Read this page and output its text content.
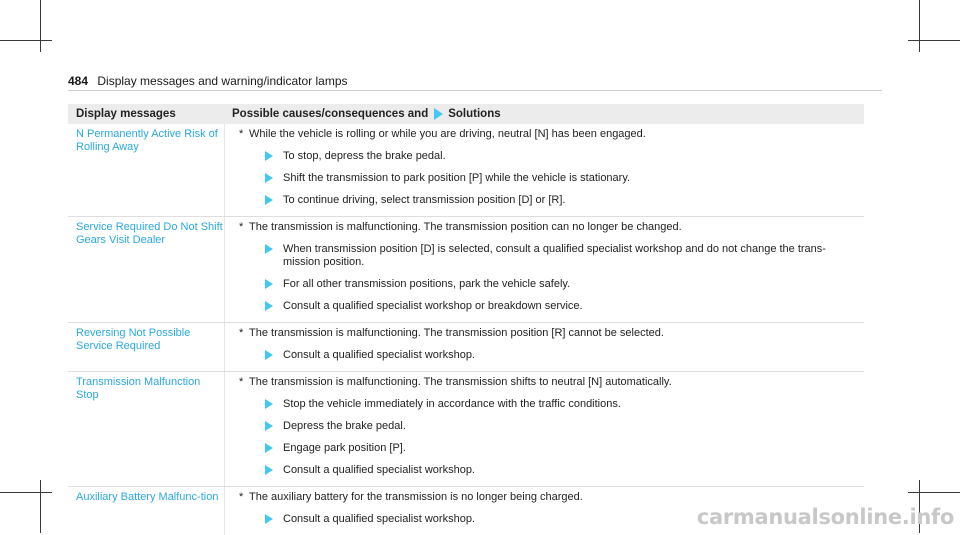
484 Display messages and warning/indicator lamps
Display messages	Possible causes/consequences and Solutions
N Permanently Active Risk of Rolling Away
* While the vehicle is rolling or while you are driving, neutral [N] has been engaged.
To stop, depress the brake pedal.
Shift the transmission to park position [P] while the vehicle is stationary.
To continue driving, select transmission position [D] or [R].
Service Required Do Not Shift Gears Visit Dealer
* The transmission is malfunctioning. The transmission position can no longer be changed.
When transmission position [D] is selected, consult a qualified specialist workshop and do not change the trans-mission position.
For all other transmission positions, park the vehicle safely.
Consult a qualified specialist workshop or breakdown service.
Reversing Not Possible Service Required
* The transmission is malfunctioning. The transmission position [R] cannot be selected.
Consult a qualified specialist workshop.
Transmission Malfunction Stop
* The transmission is malfunctioning. The transmission shifts to neutral [N] automatically.
Stop the vehicle immediately in accordance with the traffic conditions.
Depress the brake pedal.
Engage park position [P].
Consult a qualified specialist workshop.
Auxiliary Battery Malfunc-tion	* The auxiliary battery for the transmission is no longer being charged.
Consult a qualified specialist workshop.	carmanualsonline.info
